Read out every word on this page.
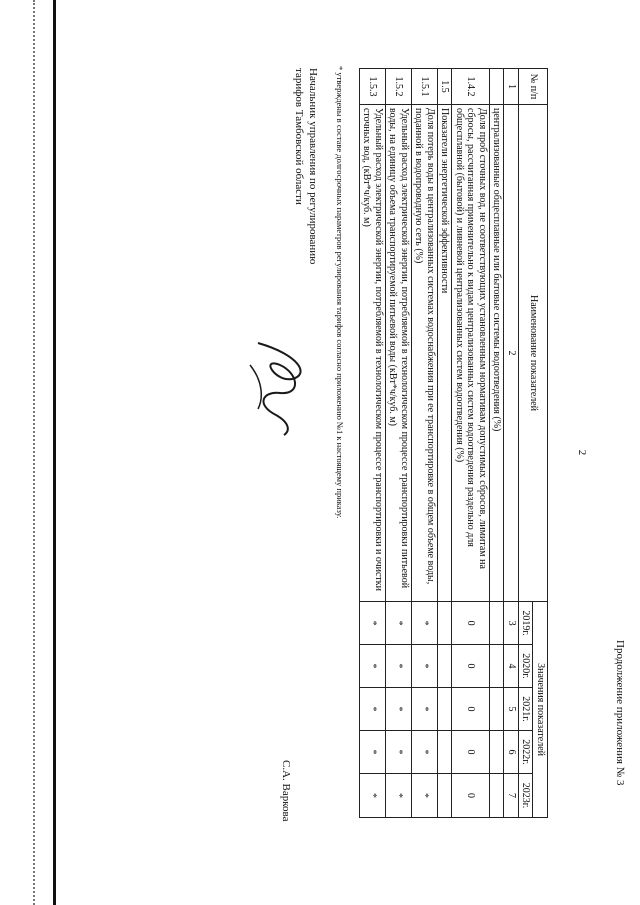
2
Продолжение приложения № 3
№ п/п	Наименование показателей	Значения показателей				
		2019г.	2020г.	2021г.	2022г.	2023г.
1	2	3	4	5	6	7
	централизованные общесплавные или бытовые системы водоотведения (%)					
1.4.2	Доля проб сточных вод, не соответствующих установленным нормативам допустимых сбросов, лимитам на сбросы, рассчитанная применительно к видам централизованных систем водоотведения раздельно для общесплавной (бытовой) и ливневой централизованных систем водоотведения (%)	0	0	0	0	0
1.5	Показатели энергетической эффективности					
1.5.1	Доля потерь воды в централизованных системах водоснабжения при ее транспортировке в общем объеме воды, поданной в водопроводную сеть (%)	*	*	*	*	*
1.5.2	Удельный расход электрической энергии, потребляемой в технологическом процессе транспортировки питьевой воды, на единицу объема транспортируемой питьевой воды (кВт*ч/куб. м)	*	*	*	*	*
1.5.3	Удельный расход электрической энергии, потребляемой в технологическом процессе транспортировки и очистки сточных вод, (кВт*ч/куб. м)	*	*	*	*	*
* утверждены в составе долгосрочных параметров регулирования тарифов согласно приложению №1 к настоящему приказу.
Начальник управления по регулированию
тарифов Тамбовской области
С.А. Варкова
